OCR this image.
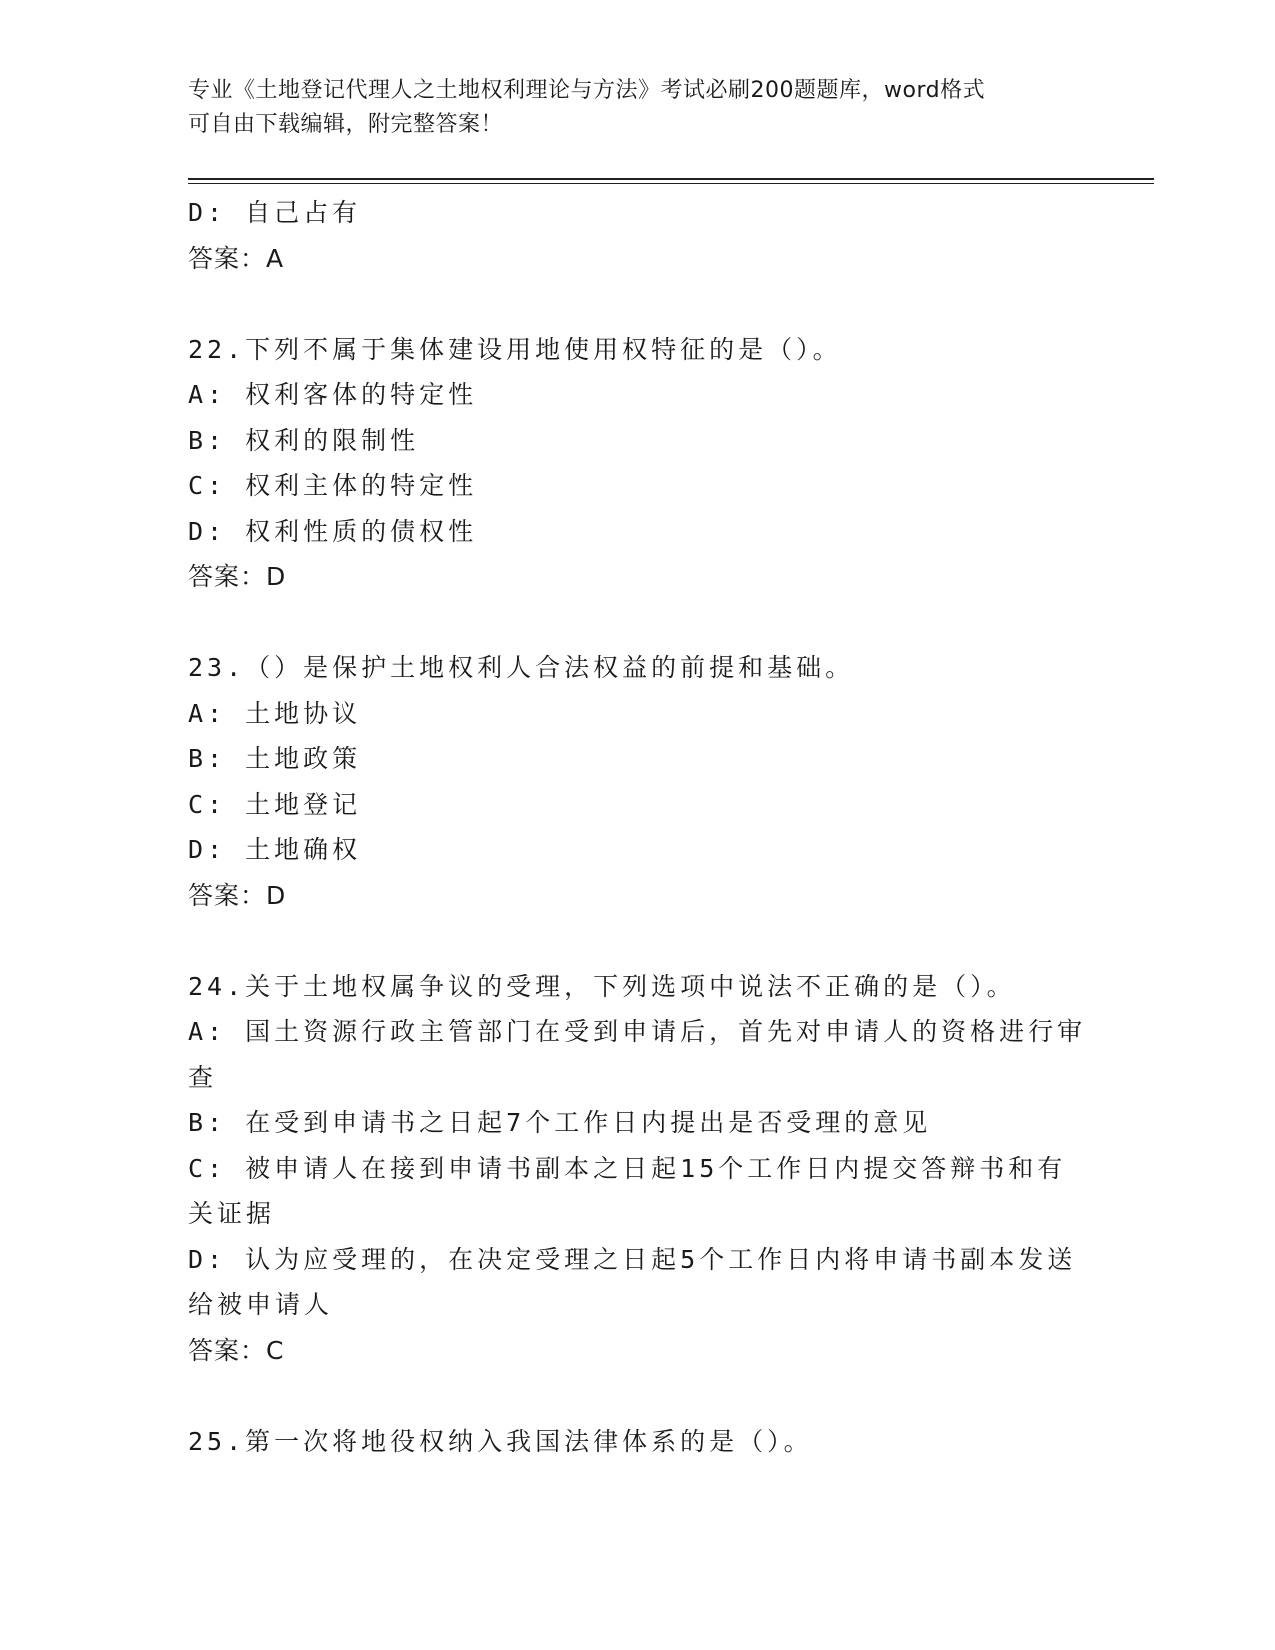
专业《土地登记代理人之土地权利理论与方法》考试必刷200题题库，word格式
可自由下载编辑，附完整答案！
D: 自己占有
答案：A
22.下列不属于集体建设用地使用权特征的是（）。
A: 权利客体的特定性
B: 权利的限制性
C: 权利主体的特定性
D: 权利性质的债权性
答案：D
23.（）是保护土地权利人合法权益的前提和基础。
A: 土地协议
B: 土地政策
C: 土地登记
D: 土地确权
答案：D
24.关于土地权属争议的受理，下列选项中说法不正确的是（）。
A: 国土资源行政主管部门在受到申请后，首先对申请人的资格进行审
查
B: 在受到申请书之日起7个工作日内提出是否受理的意见
C: 被申请人在接到申请书副本之日起15个工作日内提交答辩书和有
关证据
D: 认为应受理的，在决定受理之日起5个工作日内将申请书副本发送
给被申请人
答案：C
25.第一次将地役权纳入我国法律体系的是（）。
